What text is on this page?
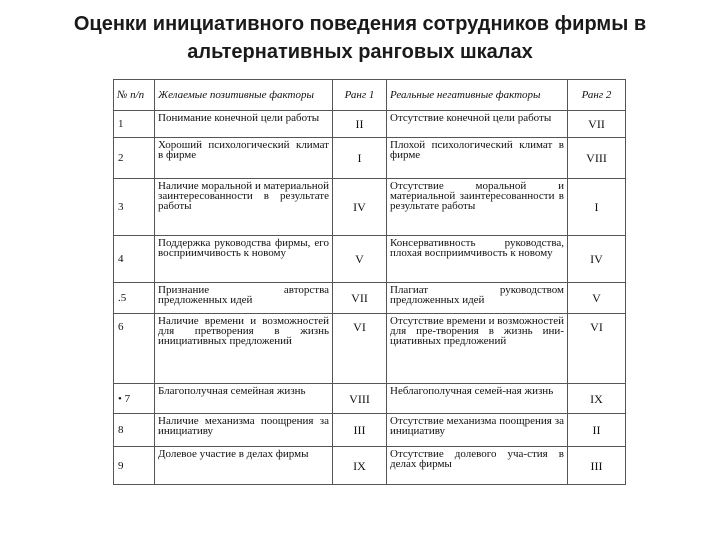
Оценки инициативного поведения сотрудников фирмы в
альтернативных ранговых шкалах
№ п/п	Желаемые позитивные факторы	Ранг 1	Реальные негативные факторы	Ранг 2
1	Понимание конечной цели работы	II	Отсутствие конечной цели работы	VII
2	Хороший психологический климат в фирме	I	Плохой психологический климат в фирме	VIII
3	Наличие моральной и материальной заинтересованности в результате работы	IV	Отсутствие моральной и материальной заинтересованности в результате работы	I
4	Поддержка руководства фирмы, его восприимчивость к новому	V	Консервативность руководства, плохая восприимчивость к новому	IV
.5	Признание авторства предложенных идей	VII	Плагиат руководством предложенных идей	V
6	Наличие времени и возможностей для претворения в жизнь инициативных предложений	VI	Отсутствие времени и возможностей для пре-творения в жизнь ини-циативных предложений	VI
• 7	Благополучная семейная жизнь	VIII	Неблагополучная семей-ная жизнь	IX
8	Наличие механизма поощрения за инициативу	III	Отсутствие механизма поощрения за инициативу	II
9	Долевое участие в делах фирмы	IX	Отсутствие долевого уча-стия в делах фирмы	III
